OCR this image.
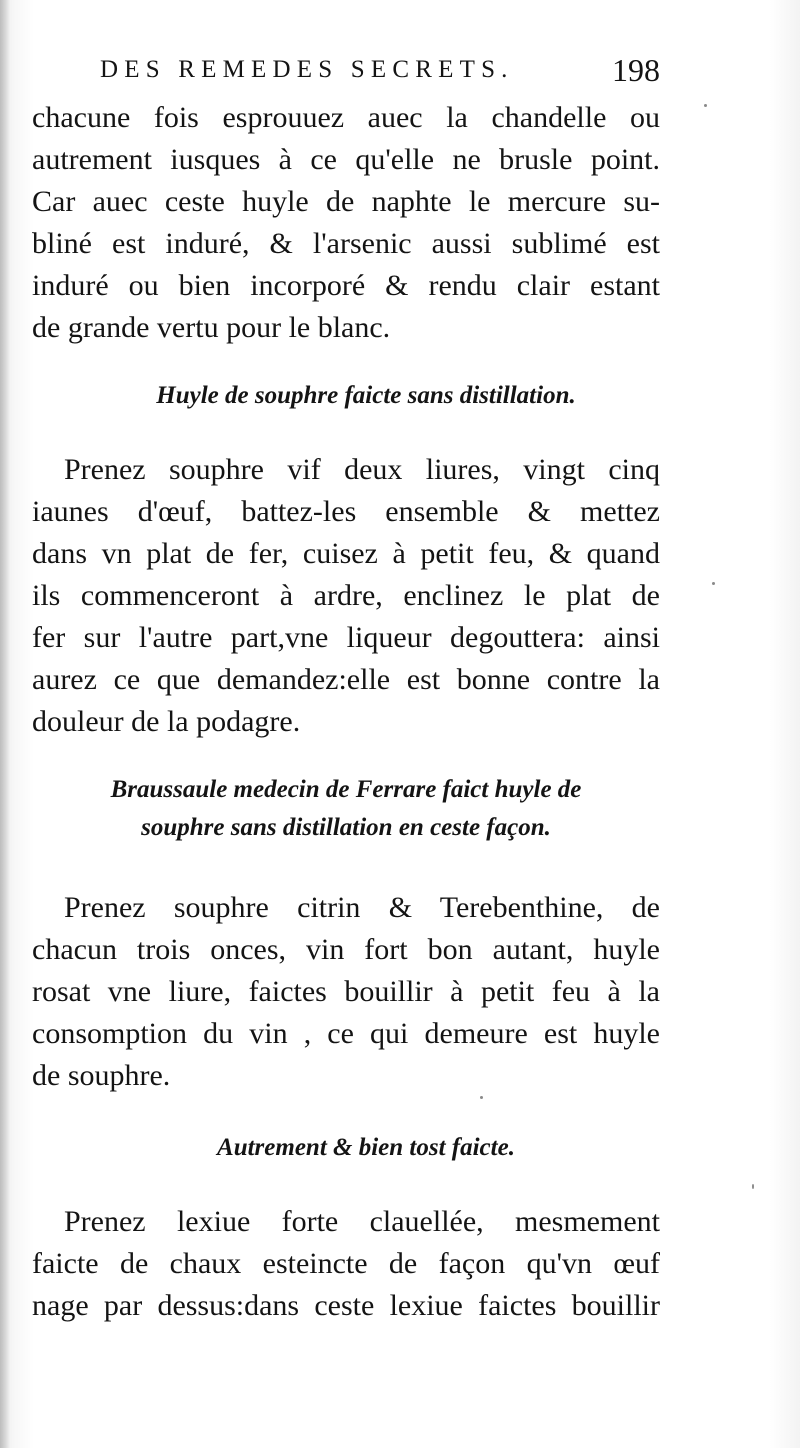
DES REMEDES SECRETS.	198
chacune fois esprouuez auec la chandelle ou
autrement iusques à ce qu'elle ne brusle point.
Car auec ceste huyle de naphte le mercure su-
bliné est induré, & l'arsenic aussi sublimé est
induré ou bien incorporé & rendu clair estant
de grande vertu pour le blanc.
Huyle de souphre faicte sans distillation.
Prenez souphre vif deux liures, vingt cinq
iaunes d'œuf, battez-les ensemble & mettez
dans vn plat de fer, cuisez à petit feu, & quand
ils commenceront à ardre, enclinez le plat de
fer sur l'autre part,vne liqueur degouttera: ainsi
aurez ce que demandez:elle est bonne contre la
douleur de la podagre.
Braussaule medecin de Ferrare faict huyle de
souphre sans distillation en ceste façon.
Prenez souphre citrin & Terebenthine, de
chacun trois onces, vin fort bon autant, huyle
rosat vne liure, faictes bouillir à petit feu à la
consomption du vin , ce qui demeure est huyle
de souphre.
Autrement & bien tost faicte.
Prenez lexiue forte clauellée, mesmement
faicte de chaux esteincte de façon qu'vn œuf
nage par dessus:dans ceste lexiue faictes bouillir
